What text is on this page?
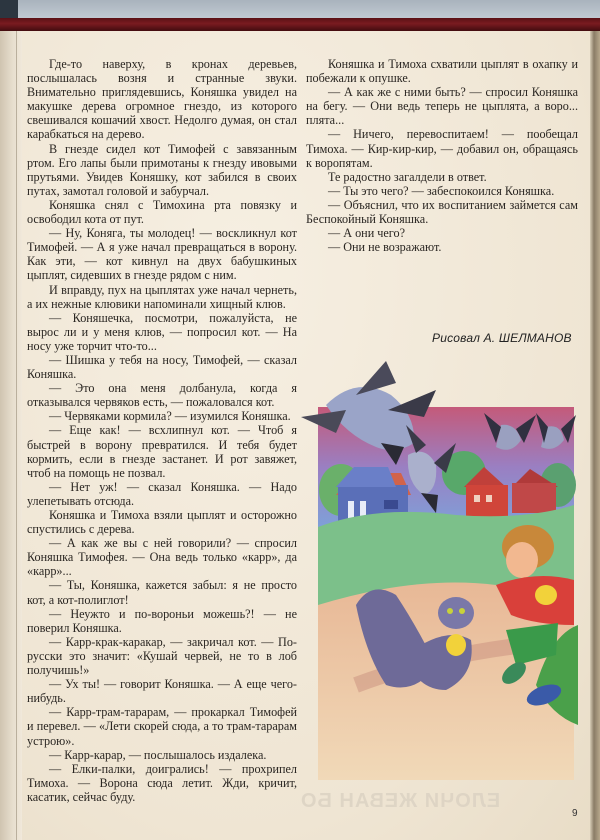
Где-то наверху, в кронах деревьев, послышалась возня и странные звуки. Внимательно приглядевшись, Коняшка увидел на макушке дерева огромное гнездо, из которого свешивался кошачий хвост. Недолго думая, он стал карабкаться на дерево.

В гнезде сидел кот Тимофей с завязанным ртом. Его лапы были примотаны к гнезду ивовыми прутьями. Увидев Коняшку, кот забился в своих путах, замотал головой и забурчал.

Коняшка снял с Тимохина рта повязку и освободил кота от пут.

— Ну, Коняга, ты молодец! — воскликнул кот Тимофей. — А я уже начал превращаться в ворону. Как эти, — кот кивнул на двух бабушкиных цыплят, сидевших в гнезде рядом с ним.

И вправду, пух на цыплятах уже начал чернеть, а их нежные клювики напоминали хищный клюв.

— Коняшечка, посмотри, пожалуйста, не вырос ли и у меня клюв, — попросил кот. — На носу уже торчит что-то...

— Шишка у тебя на носу, Тимофей, — сказал Коняшка.

— Это она меня долбанула, когда я отказывался червяков есть, — пожаловался кот.

— Червяками кормила? — изумился Коняшка.

— Еще как! — всхлипнул кот. — Чтоб я быстрей в ворону превратился. И тебя будет кормить, если в гнезде застанет. И рот завяжет, чтоб на помощь не позвал.

— Нет уж! — сказал Коняшка. — Надо улепетывать отсюда.

Коняшка и Тимоха взяли цыплят и осторожно спустились с дерева.

— А как же вы с ней говорили? — спросил Коняшка Тимофея. — Она ведь только «карр», да «карр»...

— Ты, Коняшка, кажется забыл: я не просто кот, а кот-полиглот!

— Неужто и по-вороньи можешь?! — не поверил Коняшка.

— Карр-крак-каракар, — закричал кот. — По-русски это значит: «Кушай червей, не то в лоб получишь!»

— Ух ты! — говорит Коняшка. — А еще чего-нибудь.

— Карр-трам-тарарам, — прокаркал Тимофей и перевел. — «Лети скорей сюда, а то трам-тарарам устрою».

— Карр-карар, — послышалось издалека.

— Елки-палки, доигрались! — прохрипел Тимоха. — Ворона сюда летит. Жди, кричит, касатик, сейчас буду.

Коняшка и Тимоха схватили цыплят в охапку и побежали к опушке.

— А как же с ними быть? — спросил Коняшка на бегу. — Они ведь теперь не цыплята, а воро... плята...

— Ничего, перевоспитаем! — пообещал Тимоха. — Кир-кир-кир, — добавил он, обращаясь к воропятам.

Те радостно загалдели в ответ.

— Ты это чего? — забеспокоился Коняшка.

— Объяснил, что их воспитанием займется сам Беспокойный Коняшка.

— А они чего?

— Они не возражают.

Рисовал А. ШЕЛМАНОВ
ЕЛОЧИ ЖЕВАН БО
9
